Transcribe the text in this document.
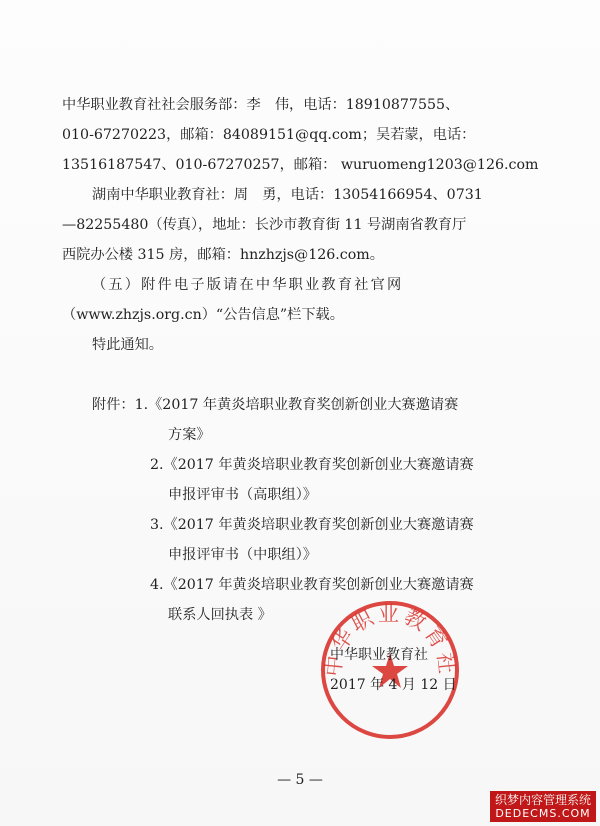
中华职业教育社社会服务部：李　伟，电话：18910877555、
010-67270223，邮箱：84089151@qq.com；吴若蒙，电话：
13516187547、010-67270257，邮箱： wuruomeng1203@126.com
湖南中华职业教育社：周　勇，电话：13054166954、0731
—82255480（传真），地址：长沙市教育街 11 号湖南省教育厅
西院办公楼 315 房，邮箱：hnzhzjs@126.com。
（五）附件电子版请在中华职业教育社官网
（www.zhzjs.org.cn）“公告信息”栏下载。
特此通知。
附件：1.《2017 年黄炎培职业教育奖创新创业大赛邀请赛
方案》
2.《2017 年黄炎培职业教育奖创新创业大赛邀请赛
申报评审书（高职组）》
3.《2017 年黄炎培职业教育奖创新创业大赛邀请赛
申报评审书（中职组）》
4.《2017 年黄炎培职业教育奖创新创业大赛邀请赛
联系人回执表 》
中华职业教育社
中华职业教育社
2017 年 4 月 12 日
— 5 —
织梦内容管理系统
DEDECMS.COM
